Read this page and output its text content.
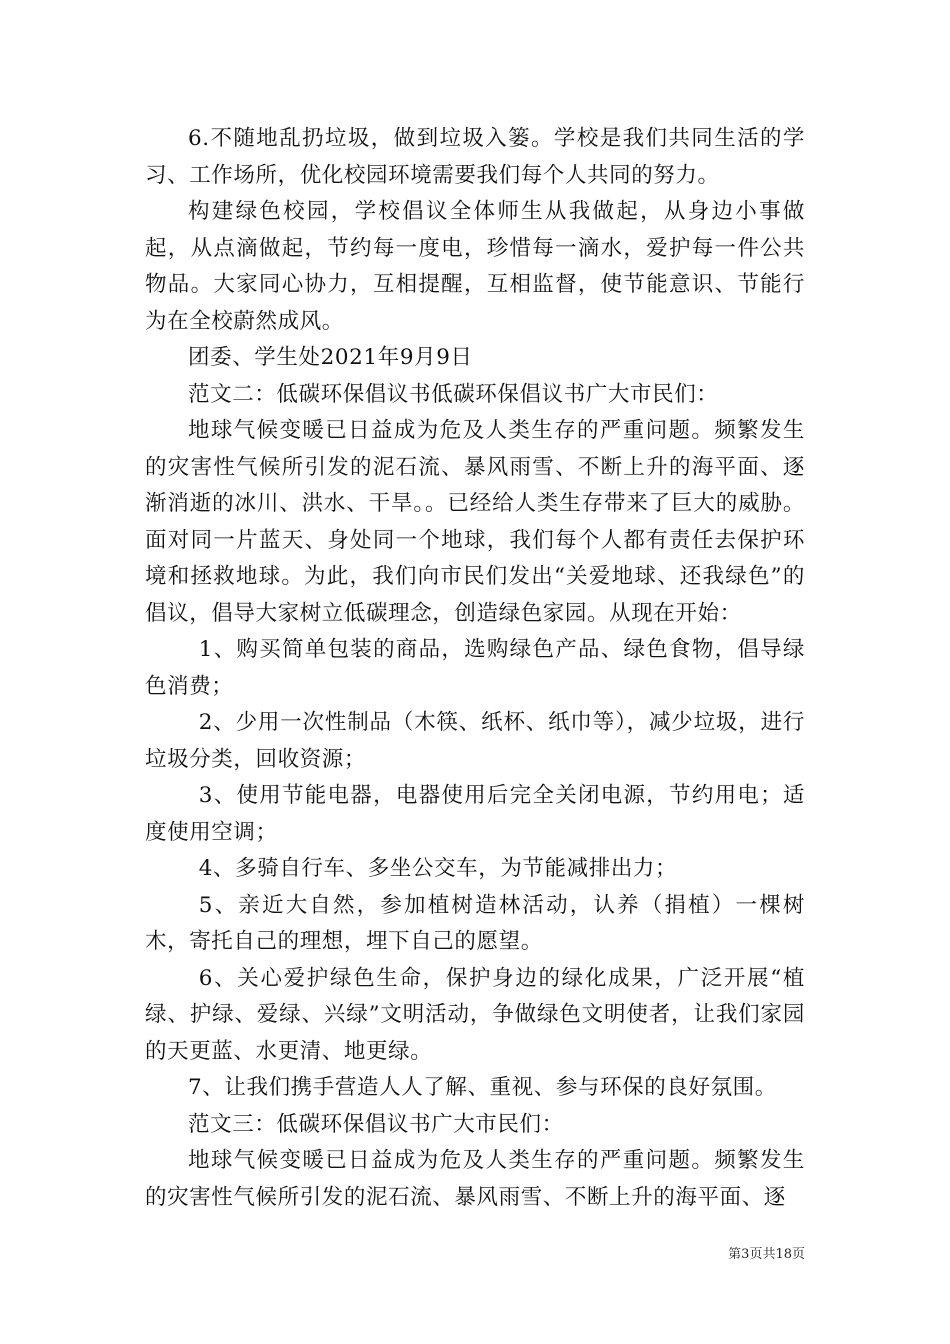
6.不随地乱扔垃圾，做到垃圾入篓。学校是我们共同生活的学习、工作场所，优化校园环境需要我们每个人共同的努力。

构建绿色校园，学校倡议全体师生从我做起，从身边小事做起，从点滴做起，节约每一度电，珍惜每一滴水，爱护每一件公共物品。大家同心协力，互相提醒，互相监督，使节能意识、节能行为在全校蔚然成风。

团委、学生处2021年9月9日

范文二：低碳环保倡议书低碳环保倡议书广大市民们：

地球气候变暖已日益成为危及人类生存的严重问题。频繁发生的灾害性气候所引发的泥石流、暴风雨雪、不断上升的海平面、逐渐消逝的冰川、洪水、干旱。。已经给人类生存带来了巨大的威胁。面对同一片蓝天、身处同一个地球，我们每个人都有责任去保护环境和拯救地球。为此，我们向市民们发出“关爱地球、还我绿色”的倡议，倡导大家树立低碳理念，创造绿色家园。从现在开始：

1、购买简单包装的商品，选购绿色产品、绿色食物，倡导绿色消费；

2、少用一次性制品（木筷、纸杯、纸巾等），减少垃圾，进行垃圾分类，回收资源；

3、使用节能电器，电器使用后完全关闭电源，节约用电；适度使用空调；

4、多骑自行车、多坐公交车，为节能减排出力；

5、亲近大自然，参加植树造林活动，认养（捐植）一棵树木，寄托自己的理想，埋下自己的愿望。

6、关心爱护绿色生命，保护身边的绿化成果，广泛开展“植绿、护绿、爱绿、兴绿”文明活动，争做绿色文明使者，让我们家园的天更蓝、水更清、地更绿。

7、让我们携手营造人人了解、重视、参与环保的良好氛围。

范文三：低碳环保倡议书广大市民们：

地球气候变暖已日益成为危及人类生存的严重问题。频繁发生的灾害性气候所引发的泥石流、暴风雨雪、不断上升的海平面、逐

第3页共18页
